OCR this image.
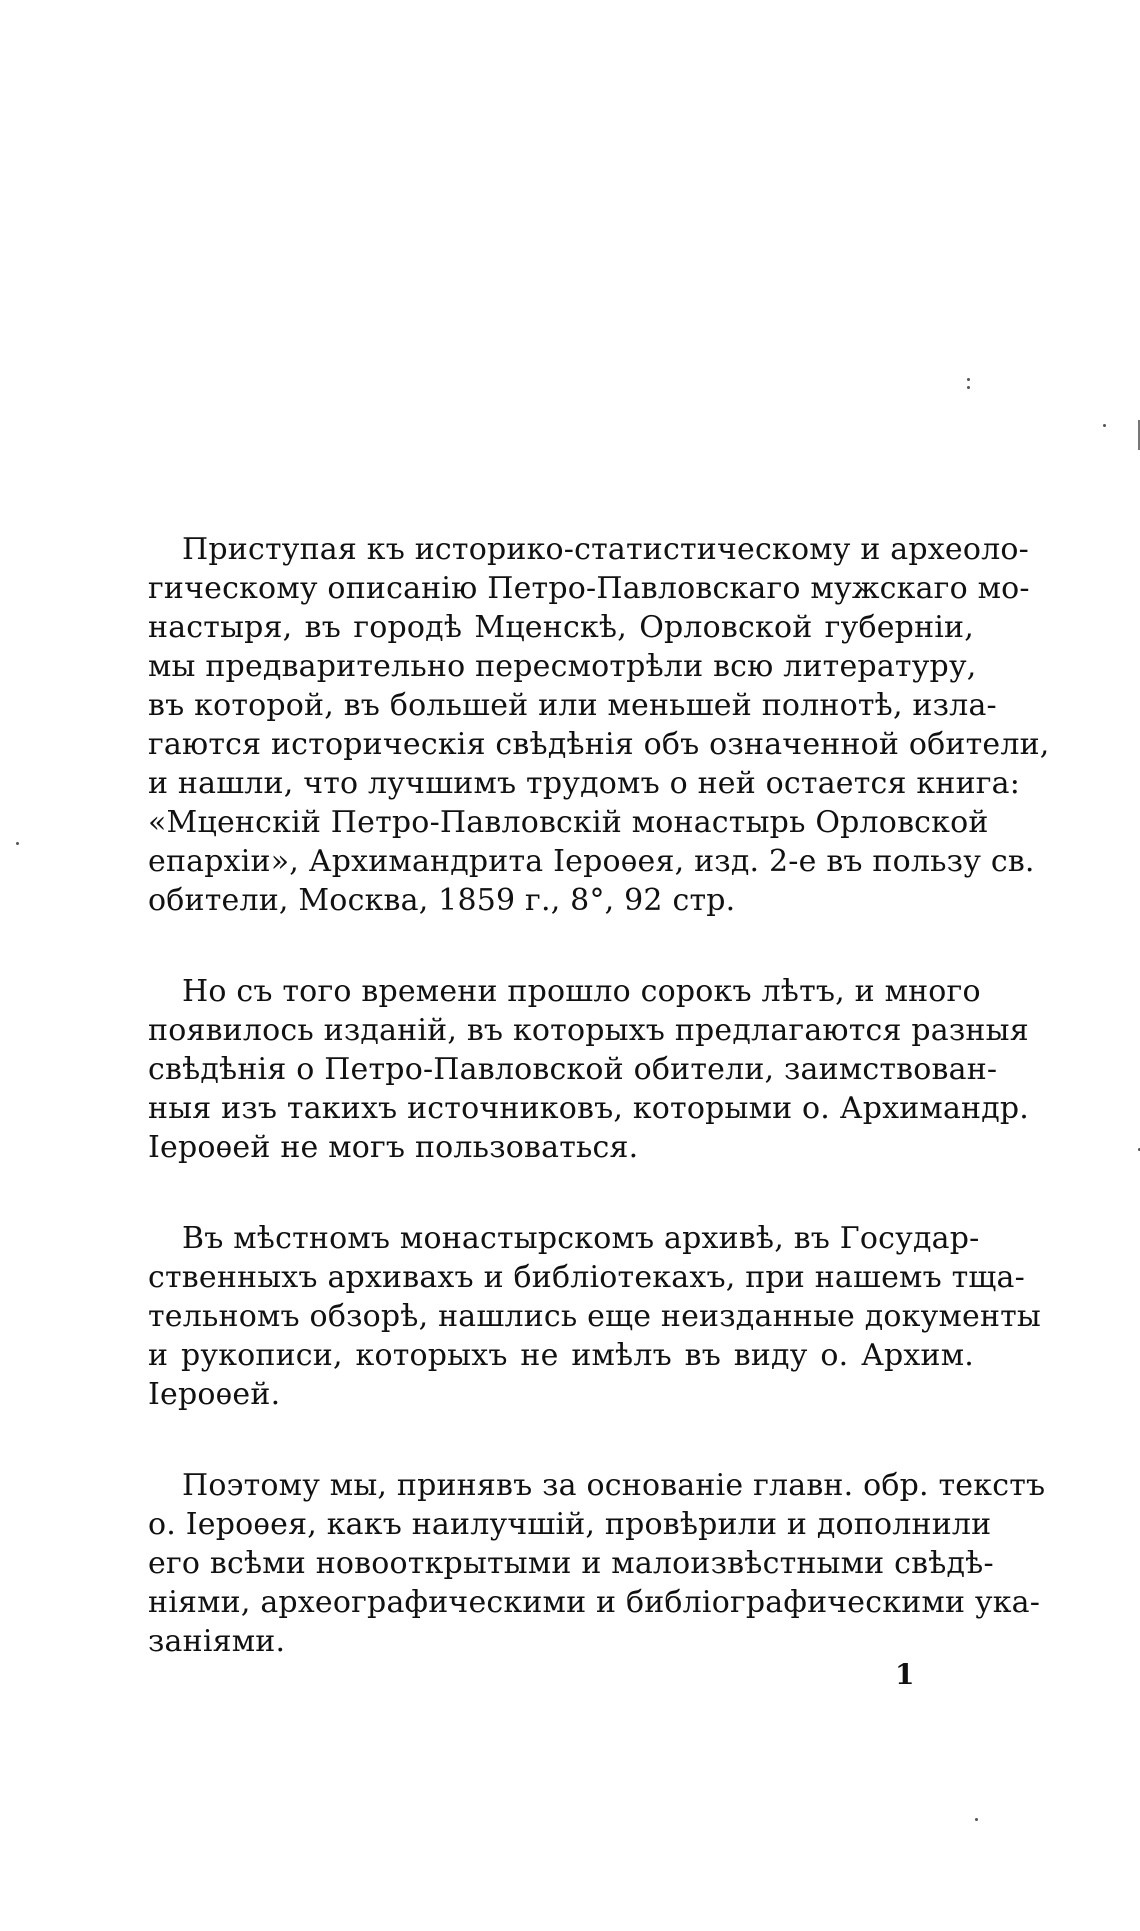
Приступая къ историко-статистическому и археоло-
гическому описанію Петро-Павловскаго мужскаго мо-
настыря, въ городѣ Мценскѣ, Орловской губерніи,
мы предварительно пересмотрѣли всю литературу,
въ которой, въ большей или меньшей полнотѣ, изла-
гаются историческія свѣдѣнія объ означенной обители,
и нашли, что лучшимъ трудомъ о ней остается книга:
«Мценскій Петро-Павловскій монастырь Орловской
епархіи», Архимандрита Іероѳея, изд. 2-е въ пользу св.
обители, Москва, 1859 г., 8°, 92 стр.
Но съ того времени прошло сорокъ лѣтъ, и много
появилось изданій, въ которыхъ предлагаются разныя
свѣдѣнія о Петро-Павловской обители, заимствован-
ныя изъ такихъ источниковъ, которыми о. Архимандр.
Іероѳей не могъ пользоваться.
Въ мѣстномъ монастырскомъ архивѣ, въ Государ-
ственныхъ архивахъ и библіотекахъ, при нашемъ тща-
тельномъ обзорѣ, нашлись еще неизданные документы
и рукописи, которыхъ не имѣлъ въ виду о. Архим.
Іероѳей.
Поэтому мы, принявъ за основаніе главн. обр. текстъ
о. Іероѳея, какъ наилучшій, провѣрили и дополнили
его всѣми новооткрытыми и малоизвѣстными свѣдѣ-
ніями, археографическими и библіографическими ука-
заніями.
1
